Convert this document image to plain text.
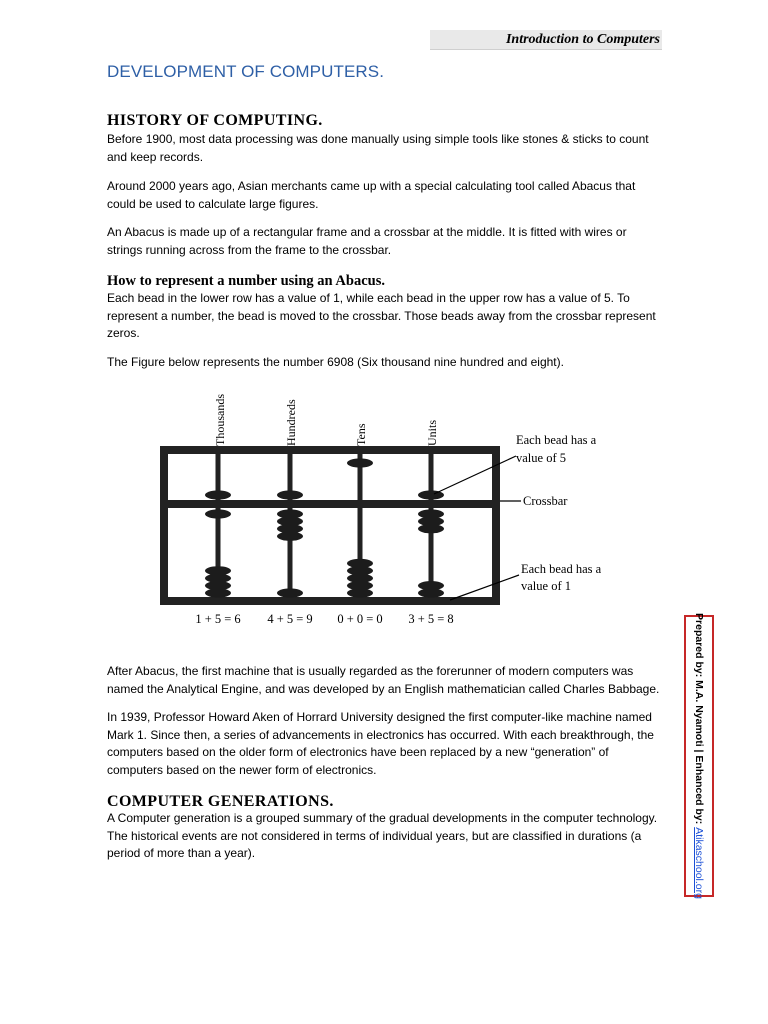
Introduction to Computers
DEVELOPMENT OF COMPUTERS.
HISTORY OF COMPUTING.

Before 1900, most data processing was done manually using simple tools like stones & sticks to count and keep records.

Around 2000 years ago, Asian merchants came up with a special calculating tool called Abacus that could be used to calculate large figures.

An Abacus is made up of a rectangular frame and a crossbar at the middle. It is fitted with wires or strings running across from the frame to the crossbar.

How to represent a number using an Abacus.

Each bead in the lower row has a value of 1, while each bead in the upper row has a value of 5. To represent a number, the bead is moved to the crossbar. Those beads away from the crossbar represent zeros.

The Figure below represents the number 6908 (Six thousand nine hundred and eight).

Thousands	Hundreds	Tens	Units	Each bead has a
value of 5
Crossbar
Each bead has a
value of 1
1 + 5 = 6 4 + 5 = 9 0 + 0 = 0 3 + 5 = 8

After Abacus, the first machine that is usually regarded as the forerunner of modern computers was named the Analytical Engine, and was developed by an English mathematician called Charles Babbage.

In 1939, Professor Howard Aken of Horrard University designed the first computer-like machine named Mark 1. Since then, a series of advancements in electronics has occurred. With each breakthrough, the computers based on the older form of electronics have been replaced by a new “generation” of computers based on the newer form of electronics.

COMPUTER GENERATIONS.

A Computer generation is a grouped summary of the gradual developments in the computer technology. The historical events are not considered in terms of individual years, but are classified in durations (a period of more than a year).

Prepared by: M.A. Nyamoti | Enhanced by: Atikaschool.org
